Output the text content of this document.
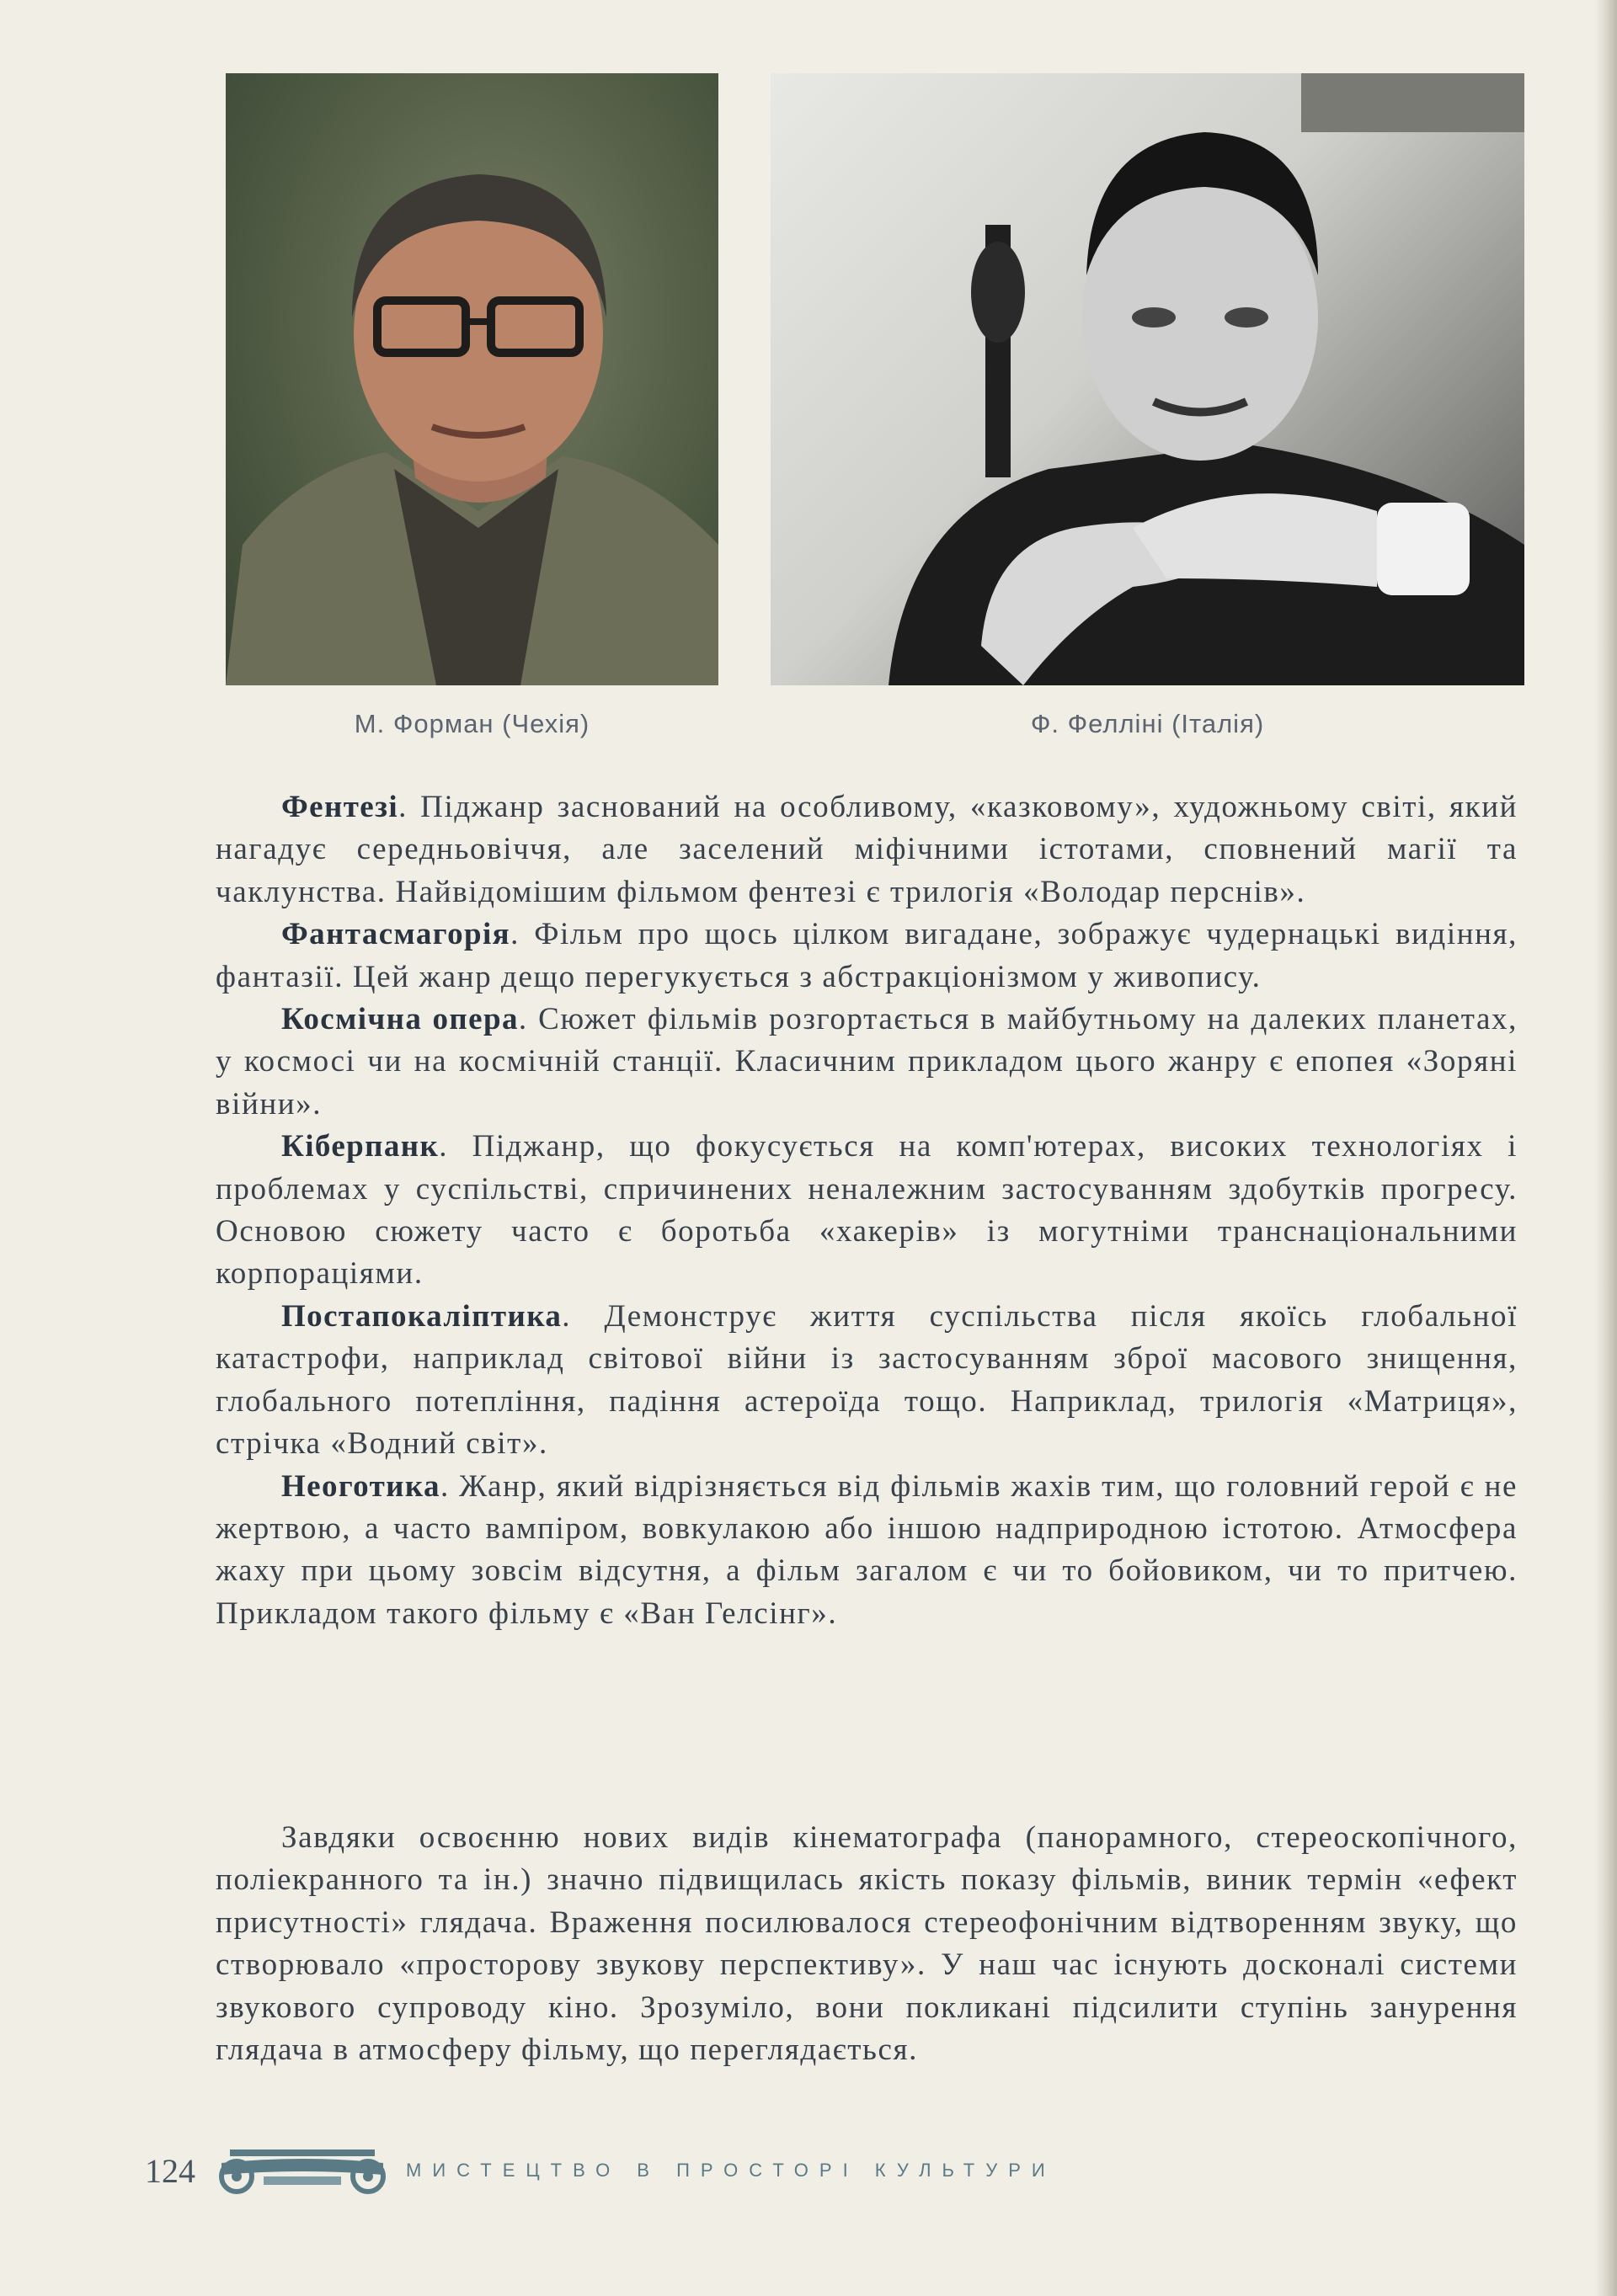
М. Форман (Чехія)	Ф. Фелліні (Італія)

Фентезі. Піджанр заснований на особливому, «казковому», художньому світі, який нагадує середньовіччя, але заселений міфічними істотами, сповнений магії та чаклунства. Найвідомішим фільмом фентезі є трилогія «Володар перснів».

Фантасмагорія. Фільм про щось цілком вигадане, зображує чудернацькі видіння, фантазії. Цей жанр дещо перегукується з абстракціонізмом у живопису.

Космічна опера. Сюжет фільмів розгортається в майбутньому на далеких планетах, у космосі чи на космічній станції. Класичним прикладом цього жанру є епопея «Зоряні війни».

Кіберпанк. Піджанр, що фокусується на комп'ютерах, високих технологіях і проблемах у суспільстві, спричинених неналежним застосуванням здобутків прогресу. Основою сюжету часто є боротьба «хакерів» із могутніми транснаціональними корпораціями.

Постапокаліптика. Демонструє життя суспільства після якоїсь глобальної катастрофи, наприклад світової війни із застосуванням зброї масового знищення, глобального потепління, падіння астероїда тощо. Наприклад, трилогія «Матриця», стрічка «Водний світ».

Неоготика. Жанр, який відрізняється від фільмів жахів тим, що головний герой є не жертвою, а часто вампіром, вовкулакою або іншою надприродною істотою. Атмосфера жаху при цьому зовсім відсутня, а фільм загалом є чи то бойовиком, чи то притчею. Прикладом такого фільму є «Ван Гелсінг».

Завдяки освоєнню нових видів кінематографа (панорамного, стереоскопічного, поліекранного та ін.) значно підвищилась якість показу фільмів, виник термін «ефект присутності» глядача. Враження посилювалося стереофонічним відтворенням звуку, що створювало «просторову звукову перспективу». У наш час існують досконалі системи звукового супроводу кіно. Зрозуміло, вони покликані підсилити ступінь занурення глядача в атмосферу фільму, що переглядається.

124	МИСТЕЦТВО В ПРОСТОРІ КУЛЬТУРИ
